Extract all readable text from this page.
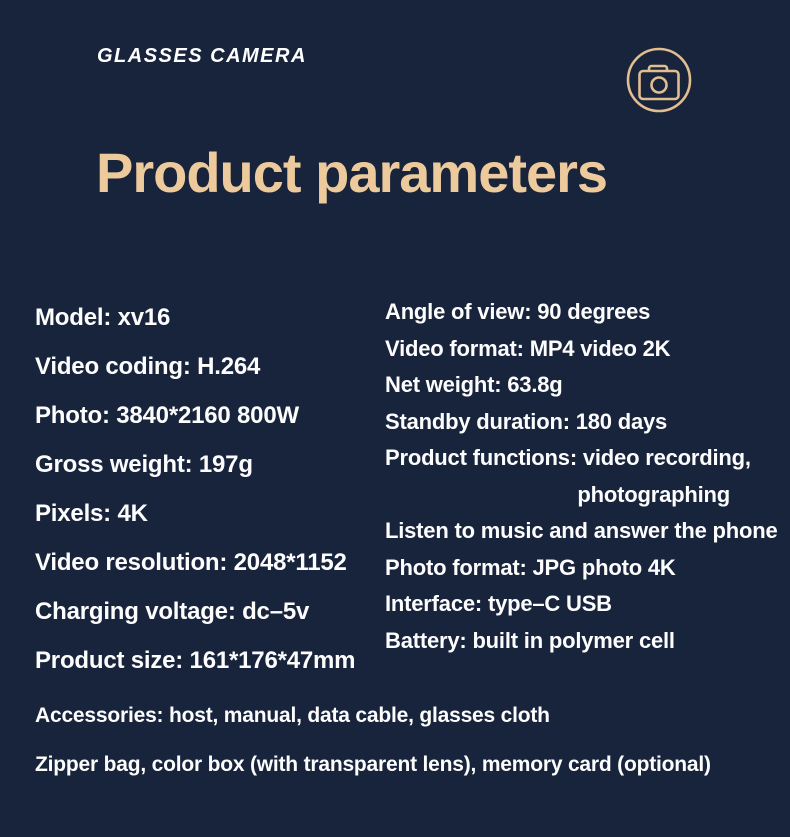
GLASSES CAMERA
Product parameters
Model: xv16
Video coding: H.264
Photo: 3840*2160 800W
Gross weight: 197g
Pixels: 4K
Video resolution: 2048*1152
Charging voltage: dc–5v
Product size: 161*176*47mm
Angle of view: 90 degrees
Video format: MP4 video 2K
Net weight: 63.8g
Standby duration: 180 days
Product functions: video recording,
photographing
Listen to music and answer the phone
Photo format: JPG photo 4K
Interface: type–C USB
Battery: built in polymer cell
Accessories: host, manual, data cable, glasses cloth
Zipper bag, color box (with transparent lens), memory card (optional)
